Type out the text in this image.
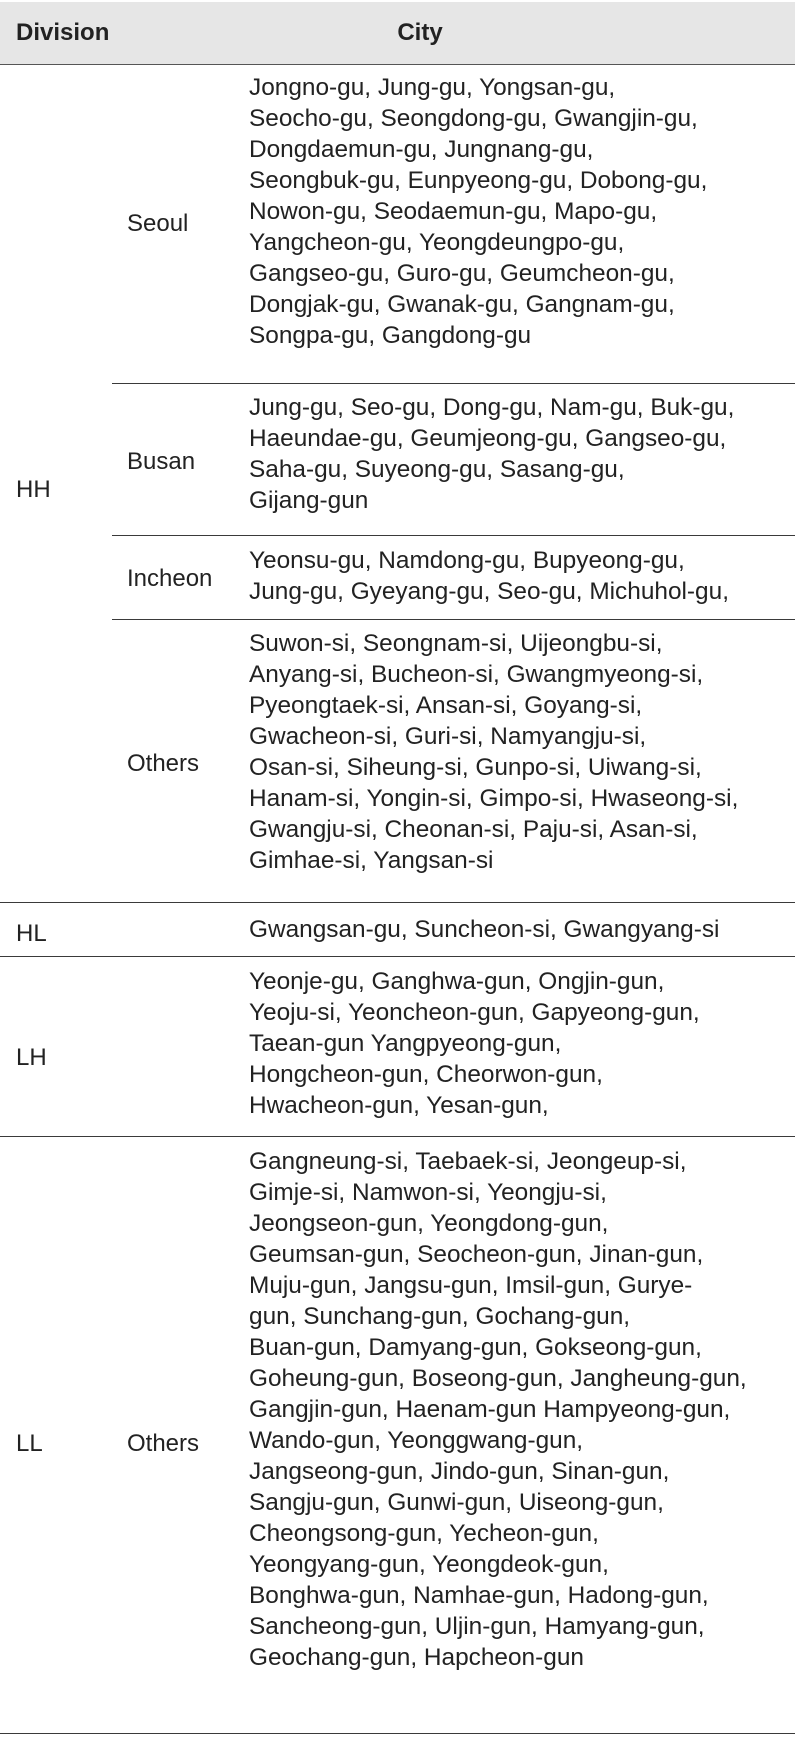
Division	City
HH
HL
LH
LL
Seoul
Busan
Incheon
Others
Others
Jongno-gu, Jung-gu, Yongsan-gu,
Seocho-gu, Seongdong-gu, Gwangjin-gu,
Dongdaemun-gu, Jungnang-gu,
Seongbuk-gu, Eunpyeong-gu, Dobong-gu,
Nowon-gu, Seodaemun-gu, Mapo-gu,
Yangcheon-gu, Yeongdeungpo-gu,
Gangseo-gu, Guro-gu, Geumcheon-gu,
Dongjak-gu, Gwanak-gu, Gangnam-gu,
Songpa-gu, Gangdong-gu
Jung-gu, Seo-gu, Dong-gu, Nam-gu, Buk-gu,
Haeundae-gu, Geumjeong-gu, Gangseo-gu,
Saha-gu, Suyeong-gu, Sasang-gu,
Gijang-gun
Yeonsu-gu, Namdong-gu, Bupyeong-gu,
Jung-gu, Gyeyang-gu, Seo-gu, Michuhol-gu,
Suwon-si, Seongnam-si, Uijeongbu-si,
Anyang-si, Bucheon-si, Gwangmyeong-si,
Pyeongtaek-si, Ansan-si, Goyang-si,
Gwacheon-si, Guri-si, Namyangju-si,
Osan-si, Siheung-si, Gunpo-si, Uiwang-si,
Hanam-si, Yongin-si, Gimpo-si, Hwaseong-si,
Gwangju-si, Cheonan-si, Paju-si, Asan-si,
Gimhae-si, Yangsan-si
Gwangsan-gu, Suncheon-si, Gwangyang-si
Yeonje-gu, Ganghwa-gun, Ongjin-gun,
Yeoju-si, Yeoncheon-gun, Gapyeong-gun,
Taean-gun Yangpyeong-gun,
Hongcheon-gun, Cheorwon-gun,
Hwacheon-gun, Yesan-gun,
Gangneung-si, Taebaek-si, Jeongeup-si,
Gimje-si, Namwon-si, Yeongju-si,
Jeongseon-gun, Yeongdong-gun,
Geumsan-gun, Seocheon-gun, Jinan-gun,
Muju-gun, Jangsu-gun, Imsil-gun, Gurye-
gun, Sunchang-gun, Gochang-gun,
Buan-gun, Damyang-gun, Gokseong-gun,
Goheung-gun, Boseong-gun, Jangheung-gun,
Gangjin-gun, Haenam-gun Hampyeong-gun,
Wando-gun, Yeonggwang-gun,
Jangseong-gun, Jindo-gun, Sinan-gun,
Sangju-gun, Gunwi-gun, Uiseong-gun,
Cheongsong-gun, Yecheon-gun,
Yeongyang-gun, Yeongdeok-gun,
Bonghwa-gun, Namhae-gun, Hadong-gun,
Sancheong-gun, Uljin-gun, Hamyang-gun,
Geochang-gun, Hapcheon-gun
